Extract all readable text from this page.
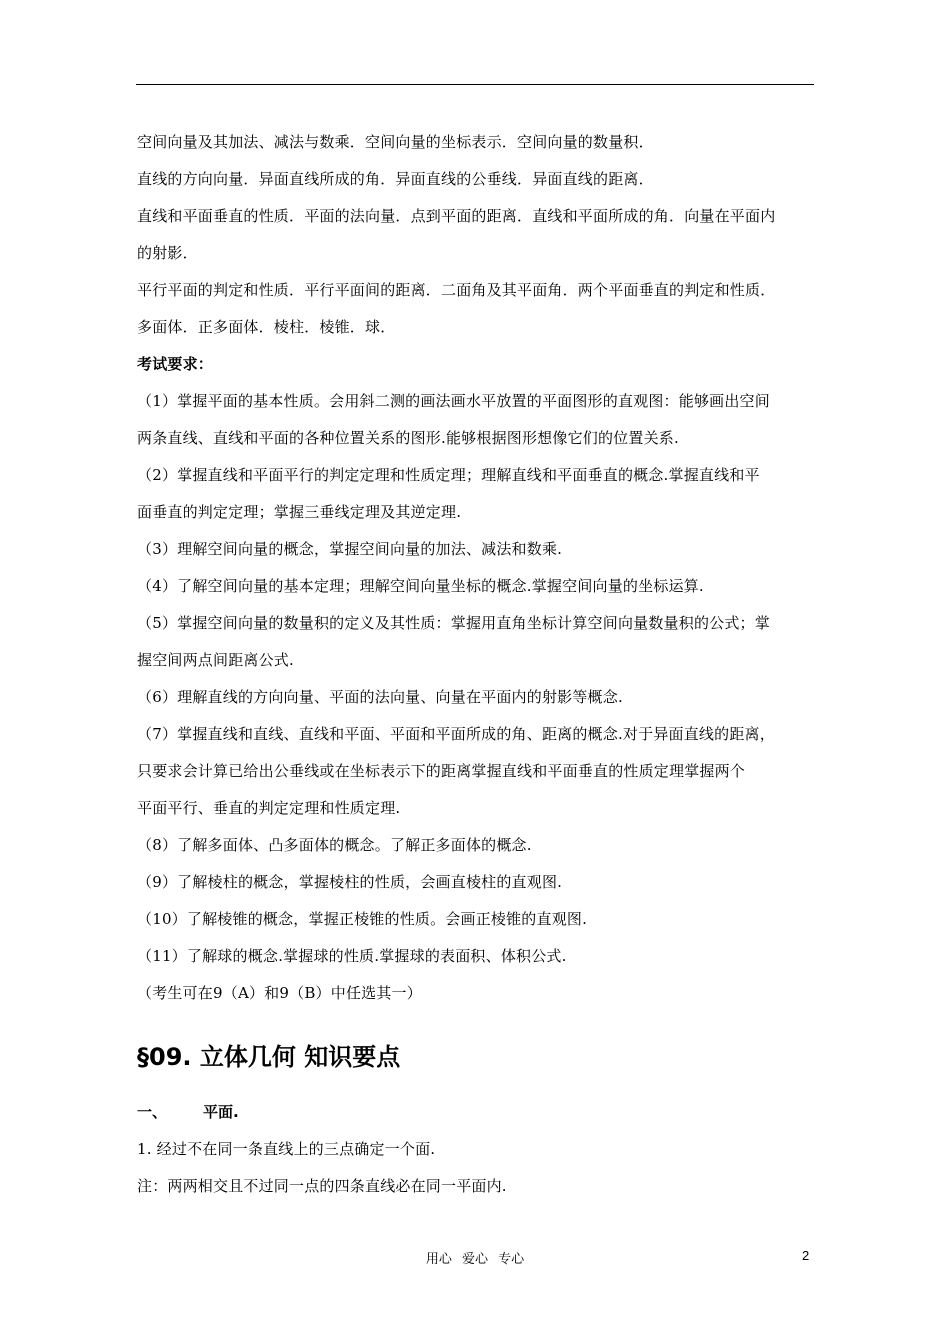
空间向量及其加法、减法与数乘．空间向量的坐标表示．空间向量的数量积．
直线的方向向量．异面直线所成的角．异面直线的公垂线．异面直线的距离．
直线和平面垂直的性质．平面的法向量．点到平面的距离．直线和平面所成的角．向量在平面内
的射影．
平行平面的判定和性质．平行平面间的距离．二面角及其平面角．两个平面垂直的判定和性质．
多面体．正多面体．棱柱．棱锥．球．
考试要求：
（1）掌握平面的基本性质。会用斜二测的画法画水平放置的平面图形的直观图：能够画出空间
两条直线、直线和平面的各种位置关系的图形.能够根据图形想像它们的位置关系.
（2）掌握直线和平面平行的判定定理和性质定理；理解直线和平面垂直的概念.掌握直线和平
面垂直的判定定理；掌握三垂线定理及其逆定理.
（3）理解空间向量的概念，掌握空间向量的加法、减法和数乘.
（4）了解空间向量的基本定理；理解空间向量坐标的概念.掌握空间向量的坐标运算.
（5）掌握空间向量的数量积的定义及其性质：掌握用直角坐标计算空间向量数量积的公式；掌
握空间两点间距离公式.
（6）理解直线的方向向量、平面的法向量、向量在平面内的射影等概念.
（7）掌握直线和直线、直线和平面、平面和平面所成的角、距离的概念.对于异面直线的距离，
只要求会计算已给出公垂线或在坐标表示下的距离掌握直线和平面垂直的性质定理掌握两个
平面平行、垂直的判定定理和性质定理.
（8）了解多面体、凸多面体的概念。了解正多面体的概念.
（9）了解棱柱的概念，掌握棱柱的性质，会画直棱柱的直观图.
（10）了解棱锥的概念，掌握正棱锥的性质。会画正棱锥的直观图.
（11）了解球的概念.掌握球的性质.掌握球的表面积、体积公式.
（考生可在9（A）和9（B）中任选其一）
§09. 立体几何 知识要点
一、 平面.
1. 经过不在同一条直线上的三点确定一个面.
注：两两相交且不过同一点的四条直线必在同一平面内.
用心 爱心 专心	2
